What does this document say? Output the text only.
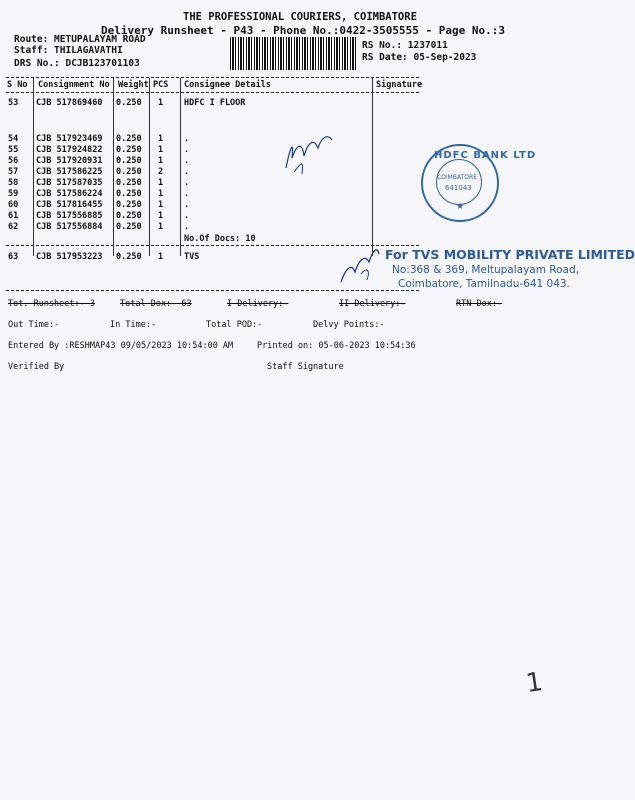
THE PROFESSIONAL COURIERS, COIMBATORE
Delivery Runsheet - P43 - Phone No.:0422-3505555 - Page No.:3
Route: METUPALAYAM ROAD
Staff: THILAGAVATHI
DRS No.: DCJB123701103
RS No.: 1237011
RS Date: 05-Sep-2023
S No Consignment No Weight PCS Consignee Details	Signature
53 CJB 517869460 0.250 1 HDFC I FLOOR
54 CJB 517923469 0.250 1 .
55 CJB 517924822 0.250 1 .
56 CJB 517920931 0.250 1 .
57 CJB 517586225 0.250 2 .
58 CJB 517587035 0.250 1 .
59 CJB 517586224 0.250 1 .
60 CJB 517816455 0.250 1 .
61 CJB 517556885 0.250 1 .
62 CJB 517556884 0.250 1 .
No.Of Docs: 10
63 CJB 517953223 0.250 1 TVS
Tot. Runsheet:- 3	Total Dox:- 63	I Delivery:-	II Delivery:-	RTN Dox:-
Out Time:-	In Time:-	Total POD:-	Delvy Points:-
Entered By :RESHMAP43 09/05/2023 10:54:00 AM	Printed on: 05-06-2023 10:54:36
Verified By	Staff Signature
HDFC BANK LTD
COIMBATORE
641043
★
For TVS MOBILITY PRIVATE LIMITED
No:368 & 369, Meltupalayam Road,
Coimbatore, Tamilnadu-641 043.
1
